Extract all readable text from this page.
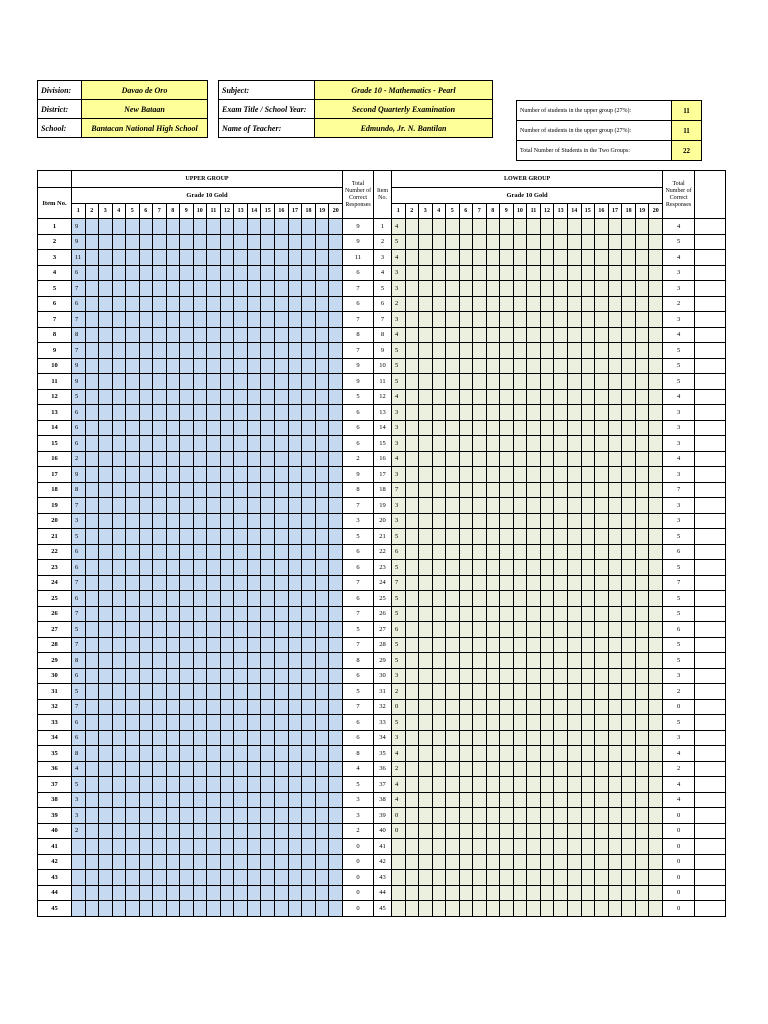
Division:	Davao de Oro
District:	New Bataan
School:	Bantacan National High School
Subject:	Grade 10 - Mathematics - Pearl
Exam Title / School Year:	Second Quarterly Examination
Name of Teacher:	Edmundo, Jr. N. Bantilan
Number of students in the upper group (27%):	11
Number of students in the upper group (27%):	11
Total Number of Students in the Two Groups:	22
	UPPER GROUP																				Total Number of Correct Responses	Item No.	LOWER GROUP																				Total Number of Correct Responses	
Item No.	Grade 10 Gold																						Grade 10 Gold																					
	1	2	3	4	5	6	7	8	9	10	11	12	13	14	15	16	17	18	19	20			1	2	3	4	5	6	7	8	9	10	11	12	13	14	15	16	17	18	19	20		
1	9																				9	1	4																				4	
2	9																				9	2	5																				5	
3	11																				11	3	4																				4	
4	6																				6	4	3																				3	
5	7																				7	5	3																				3	
6	6																				6	6	2																				2	
7	7																				7	7	3																				3	
8	8																				8	8	4																				4	
9	7																				7	9	5																				5	
10	9																				9	10	5																				5	
11	9																				9	11	5																				5	
12	5																				5	12	4																				4	
13	6																				6	13	3																				3	
14	6																				6	14	3																				3	
15	6																				6	15	3																				3	
16	2																				2	16	4																				4	
17	9																				9	17	3																				3	
18	8																				8	18	7																				7	
19	7																				7	19	3																				3	
20	3																				3	20	3																				3	
21	5																				5	21	5																				5	
22	6																				6	22	6																				6	
23	6																				6	23	5																				5	
24	7																				7	24	7																				7	
25	6																				6	25	5																				5	
26	7																				7	26	5																				5	
27	5																				5	27	6																				6	
28	7																				7	28	5																				5	
29	8																				8	29	5																				5	
30	6																				6	30	3																				3	
31	5																				5	31	2																				2	
32	7																				7	32	0																				0	
33	6																				6	33	5																				5	
34	6																				6	34	3																				3	
35	8																				8	35	4																				4	
36	4																				4	36	2																				2	
37	5																				5	37	4																				4	
38	3																				3	38	4																				4	
39	3																				3	39	0																				0	
40	2																				2	40	0																				0	
41																					0	41																					0	
42																					0	42																					0	
43																					0	43																					0	
44																					0	44																					0	
45																					0	45																					0	
